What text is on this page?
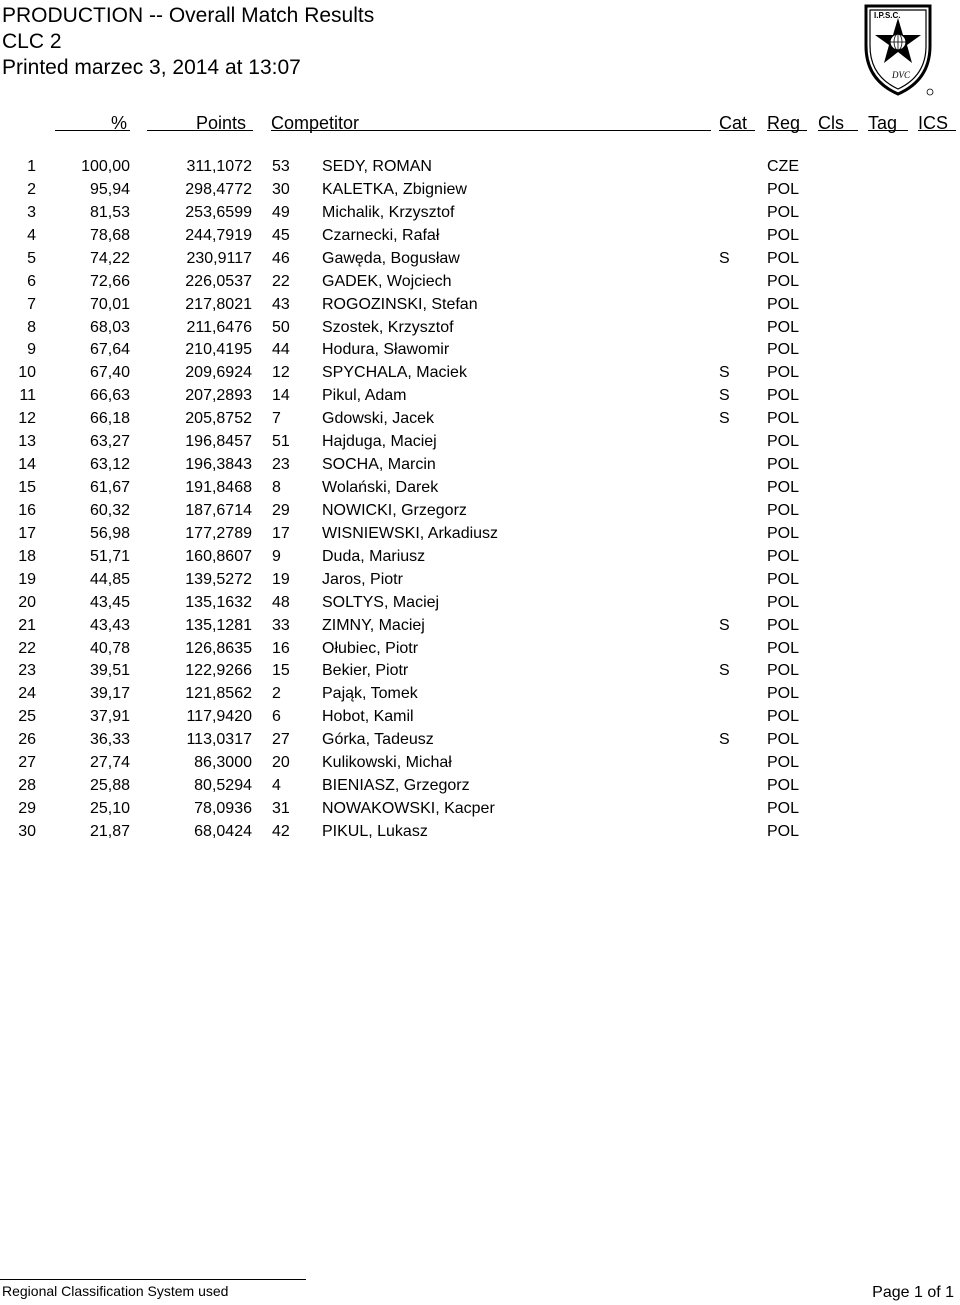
PRODUCTION -- Overall Match Results
CLC 2
Printed marzec 3, 2014 at 13:07
I.P.S.C.
DVC
%	Points Competitor	Cat Reg Cls Tag ICS
1	100,00	311,1072 53 SEDY, ROMAN	CZE
2	95,94	298,4772 30 KALETKA, Zbigniew	POL
3	81,53	253,6599 49 Michalik, Krzysztof	POL
4	78,68	244,7919 45 Czarnecki, Rafał	POL
5	74,22	230,9117 46 Gawęda, Bogusław	S POL
6	72,66	226,0537 22 GADEK, Wojciech	POL
7	70,01	217,8021 43 ROGOZINSKI, Stefan	POL
8	68,03	211,6476 50 Szostek, Krzysztof	POL
9	67,64	210,4195 44 Hodura, Sławomir	POL
10	67,40	209,6924 12 SPYCHALA, Maciek	S POL
11	66,63	207,2893 14 Pikul, Adam	S POL
12	66,18	205,8752 7	Gdowski, Jacek	S POL
13	63,27	196,8457 51 Hajduga, Maciej	POL
14	63,12	196,3843 23 SOCHA, Marcin	POL
15	61,67	191,8468 8	Wolański, Darek	POL
16	60,32	187,6714 29 NOWICKI, Grzegorz	POL
17	56,98	177,2789 17 WISNIEWSKI, Arkadiusz	POL
18	51,71	160,8607 9	Duda, Mariusz	POL
19	44,85	139,5272 19 Jaros, Piotr	POL
20	43,45	135,1632 48 SOLTYS, Maciej	POL
21	43,43	135,1281 33 ZIMNY, Maciej	S POL
22	40,78	126,8635 16 Ołubiec, Piotr	POL
23	39,51	122,9266 15 Bekier, Piotr	S POL
24	39,17	121,8562 2	Pająk, Tomek	POL
25	37,91	117,9420 6	Hobot, Kamil	POL
26	36,33	113,0317 27 Górka, Tadeusz	S POL
27	27,74	86,3000 20 Kulikowski, Michał	POL
28	25,88	80,5294 4	BIENIASZ, Grzegorz	POL
29	25,10	78,0936 31 NOWAKOWSKI, Kacper	POL
30	21,87	68,0424 42 PIKUL, Lukasz	POL
Regional Classification System used	Page 1 of 1
